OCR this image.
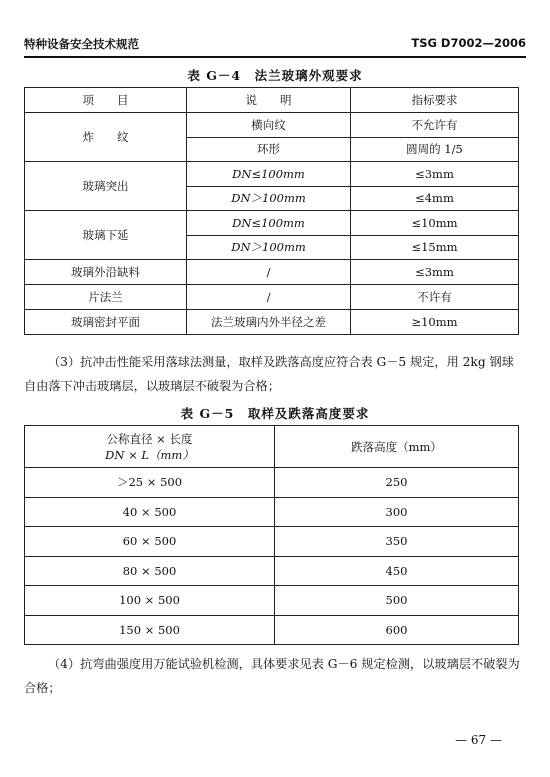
特种设备安全技术规范	TSG D7002—2006
表 G－4　法兰玻璃外观要求
项　　目	说　　明	指标要求
炸　　纹	横向纹	不允许有
	环形	圆周的 1/5
玻璃突出	DN≤100mm	≤3mm
	DN＞100mm	≤4mm
玻璃下延	DN≤100mm	≤10mm
	DN＞100mm	≤15mm
玻璃外沿缺料	/	≤3mm
片法兰	/	不许有
玻璃密封平面	法兰玻璃内外半径之差	≥10mm
（3）抗冲击性能采用落球法测量，取样及跌落高度应符合表 G－5 规定，用 2kg 钢球自由落下冲击玻璃层，以玻璃层不破裂为合格；
表 G－5　取样及跌落高度要求
公称直径 × 长度
DN × L（mm）	跌落高度（mm）
＞25 × 500	250
40 × 500	300
60 × 500	350
80 × 500	450
100 × 500	500
150 × 500	600
（4）抗弯曲强度用万能试验机检测，具体要求见表 G－6 规定检测，以玻璃层不破裂为合格；
— 67 —
